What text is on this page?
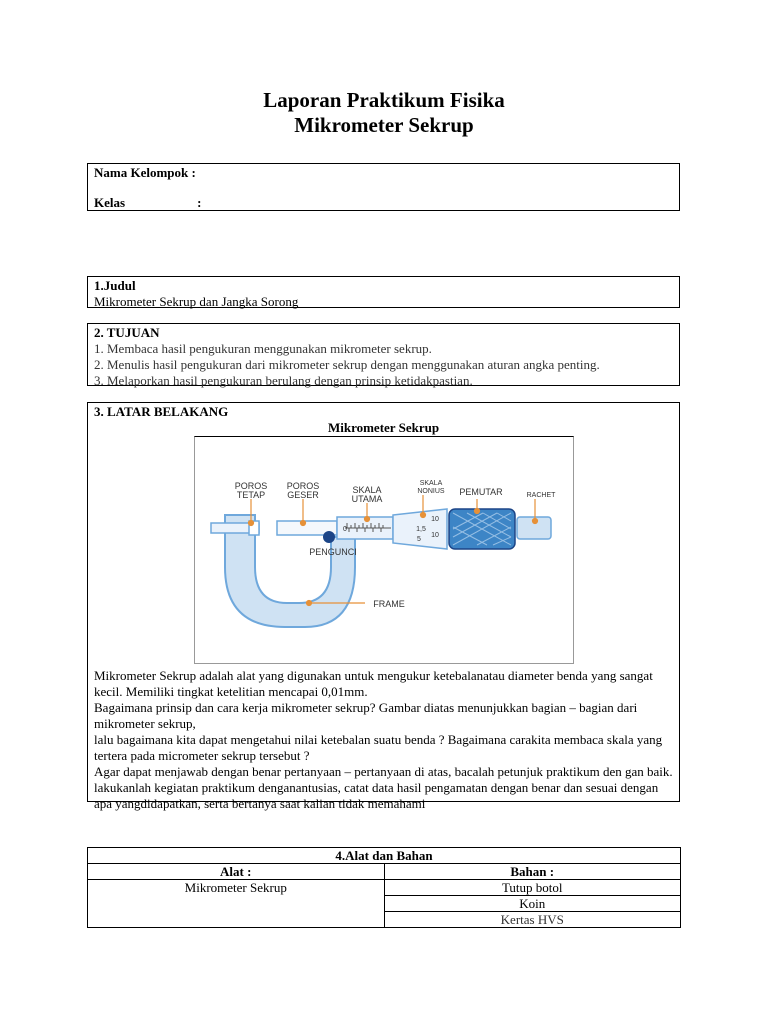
Laporan Praktikum Fisika
Mikrometer Sekrup
Nama Kelompok :
Kelas	:
1.Judul
Mikrometer Sekrup dan Jangka Sorong
2. TUJUAN
1. Membaca hasil pengukuran menggunakan mikrometer sekrup.
2. Menulis hasil pengukuran dari mikrometer sekrup dengan menggunakan aturan angka penting.
3. Melaporkan hasil pengukuran berulang dengan prinsip ketidakpastian.
3. LATAR BELAKANG
Mikrometer Sekrup
POROS
TETAP
POROS
GESER	SKALA
UTAMA
SKALA
NONIUS PEMUTAR	RACHET
PENGUNCI
FRAME
0
10
1,5
5
10
Mikrometer Sekrup adalah alat yang digunakan untuk mengukur ketebalanatau diameter benda yang sangat kecil. Memiliki tingkat ketelitian mencapai 0,01mm.
Bagaimana prinsip dan cara kerja mikrometer sekrup? Gambar diatas menunjukkan bagian – bagian dari mikrometer sekrup,
lalu bagaimana kita dapat mengetahui nilai ketebalan suatu benda ? Bagaimana carakita membaca skala yang tertera pada micrometer sekrup tersebut ?
Agar dapat menjawab dengan benar pertanyaan – pertanyaan di atas, bacalah petunjuk praktikum den gan baik. lakukanlah kegiatan praktikum denganantusias, catat data hasil pengamatan dengan benar dan sesuai dengan apa yangdidapatkan, serta bertanya saat kalian tidak memahami
4.Alat dan Bahan	
Alat :	Bahan :
Mikrometer Sekrup	Tutup botol
	Koin
	Kertas HVS
